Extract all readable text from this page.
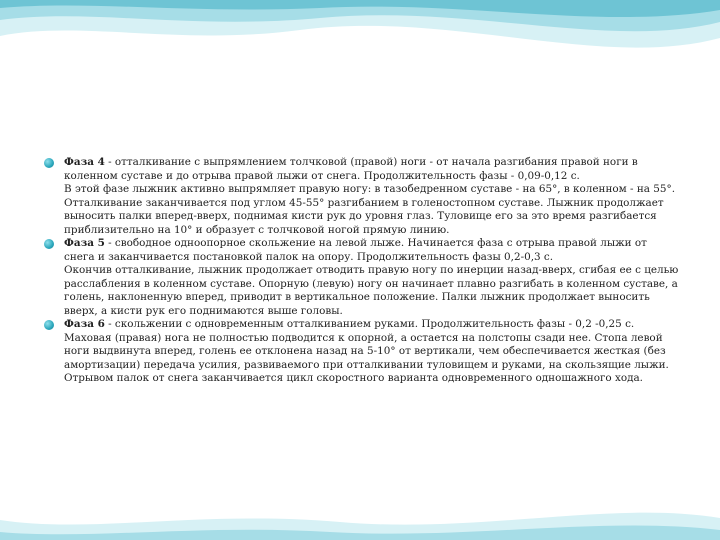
Фаза 4 - отталкивание с выпрямлением толчковой (правой) ноги - от начала разгибания правой ноги в коленном суставе и до отрыва правой лыжи от снега. Продолжительность фазы - 0,09-0,12 с.

В этой фазе лыжник активно выпрямляет правую ногу: в тазобедренном суставе - на 65°, в коленном - на 55°. Отталкивание заканчивается под углом 45-55° разгибанием в голеностопном суставе. Лыжник продолжает выносить палки вперед-вверх, поднимая кисти рук до уровня глаз. Туловище его за это время разгибается приблизительно на 10° и образует с толчковой ногой прямую линию.

Фаза 5 - свободное одноопорное скольжение на левой лыже. Начинается фаза с отрыва правой лыжи от снега и заканчивается постановкой палок на опору. Продолжительность фазы 0,2-0,3 с.

Окончив отталкивание, лыжник продолжает отводить правую ногу по инерции назад-вверх, сгибая ее с целью расслабления в коленном суставе. Опорную (левую) ногу он начинает плавно разгибать в коленном суставе, а голень, наклоненную вперед, приводит в вертикальное положение. Палки лыжник продолжает выносить вверх, а кисти рук его поднимаются выше головы.

Фаза 6 - скольжении с одновременным отталкиванием руками. Продолжительность фазы - 0,2 -0,25 с.

Маховая (правая) нога не полностью подводится к опорной, а остается на полстопы сзади нее. Стопа левой ноги выдвинута вперед, голень ее отклонена назад на 5-10° от вертикали, чем обеспечивается жесткая (без амортизации) передача усилия, развиваемого при отталкивании туловищем и руками, на скользящие лыжи. Отрывом палок от снега заканчивается цикл скоростного варианта одновременного одношажного хода.
